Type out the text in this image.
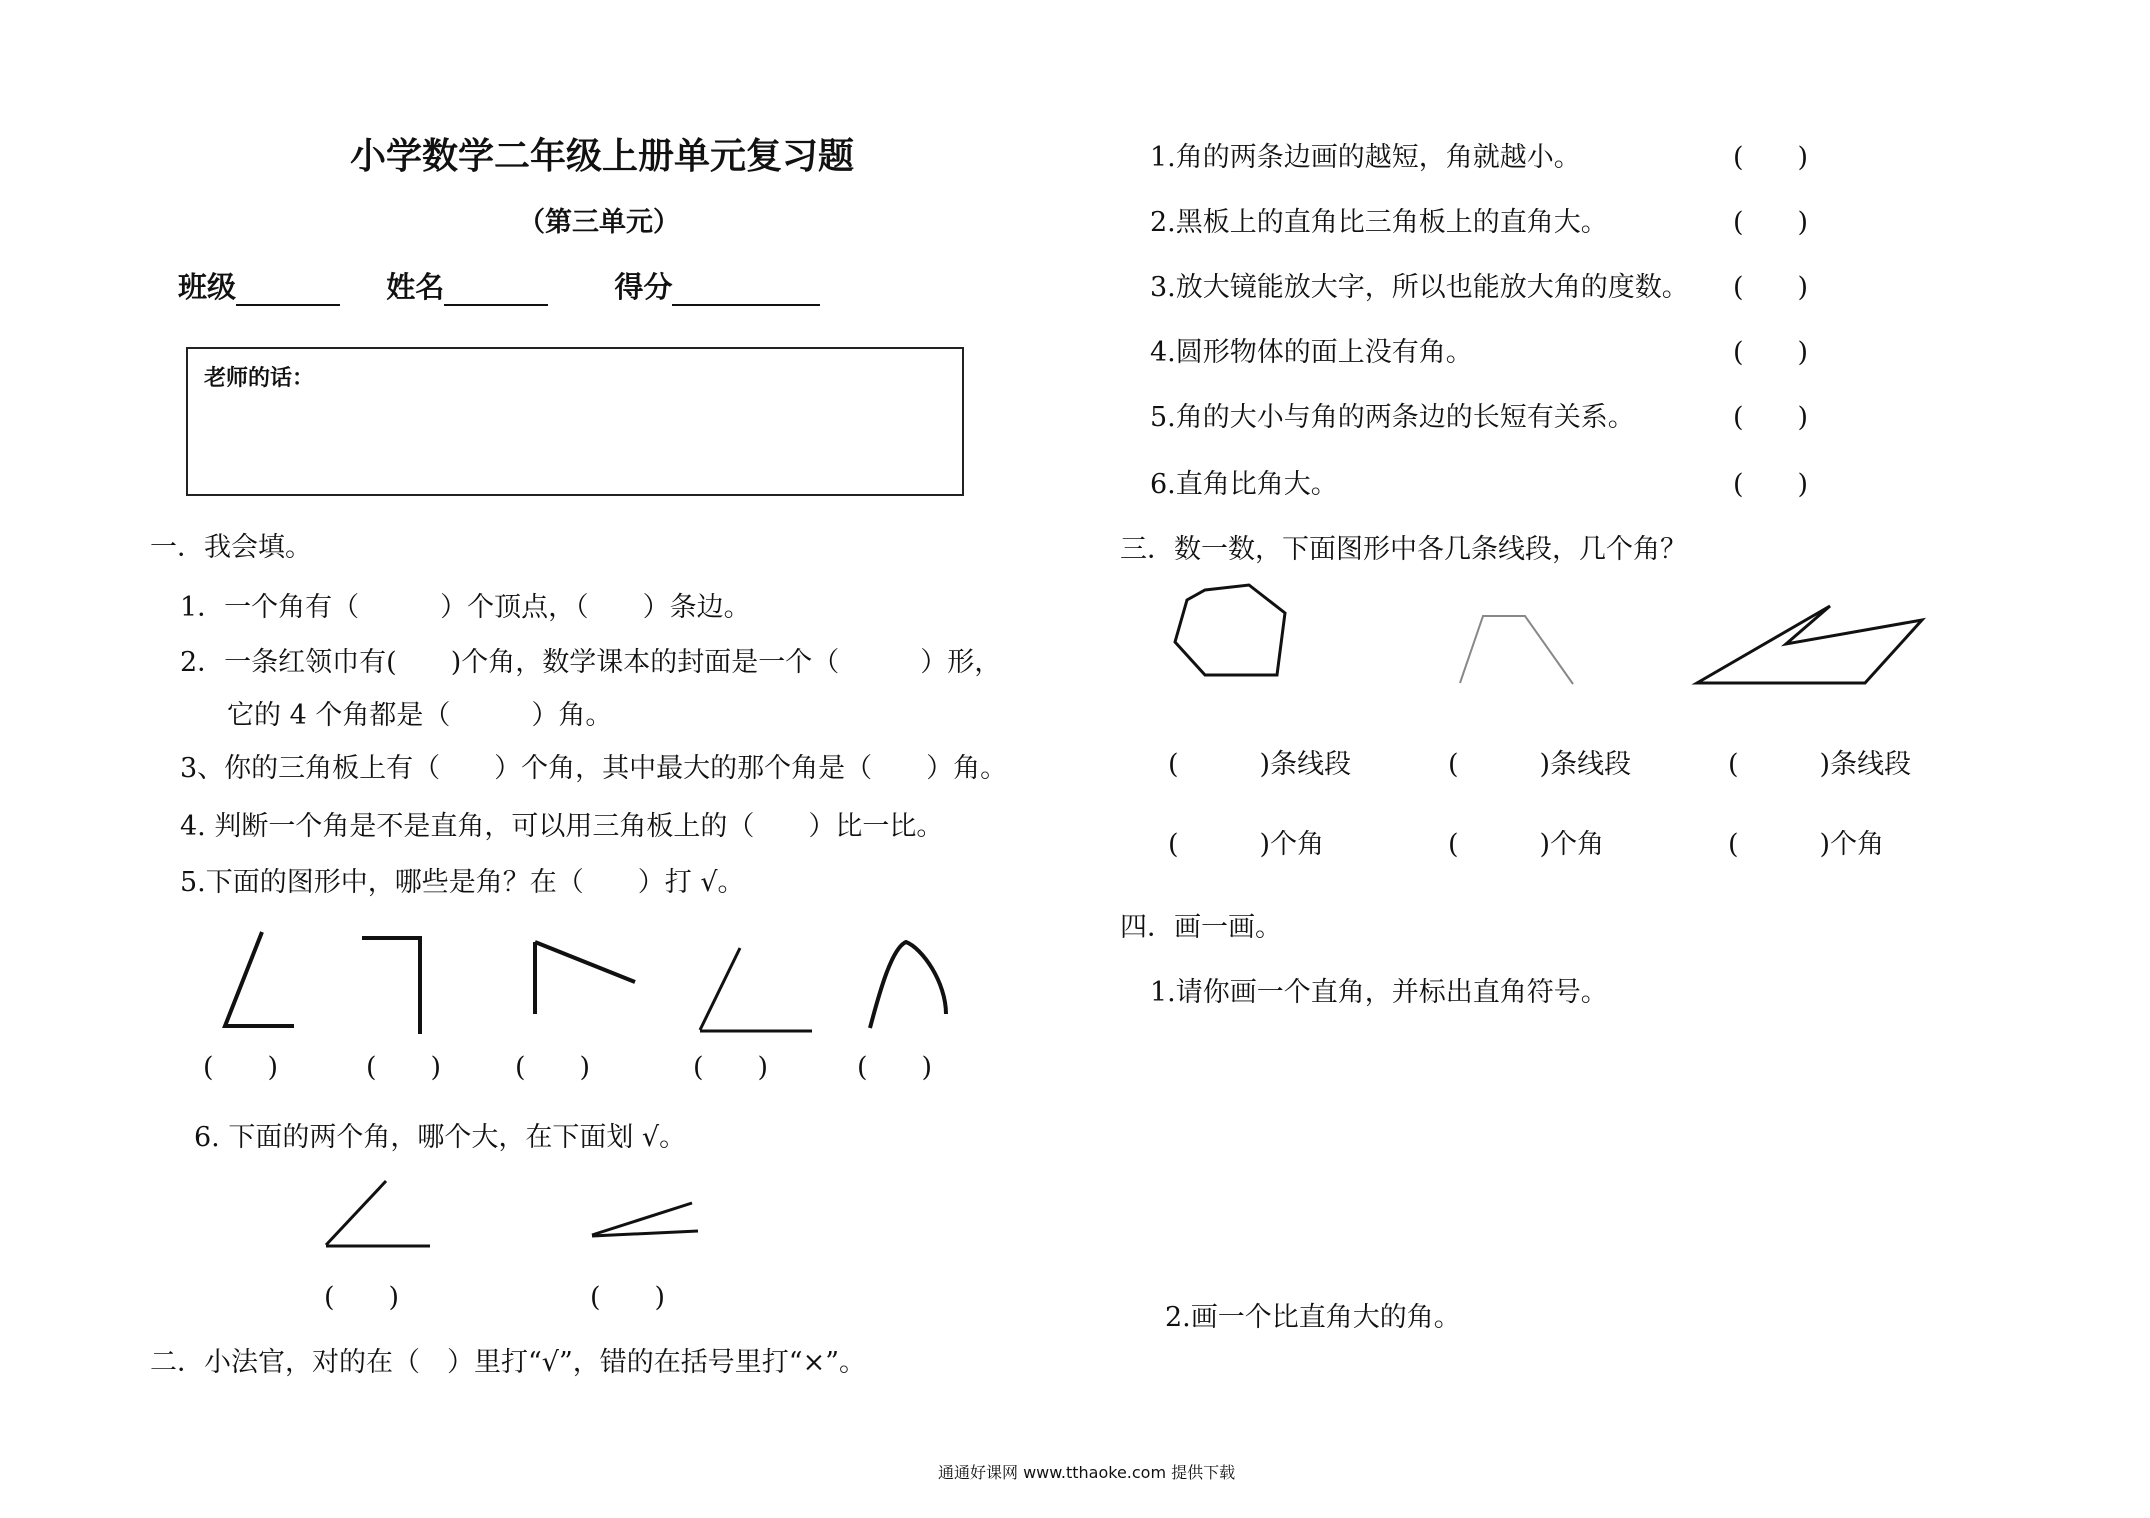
小学数学二年级上册单元复习题
（第三单元）
班级	姓名	得分
老师的话：
一．我会填。
1．一个角有（　　　）个顶点，（　　）条边。
2．一条红领巾有(　　)个角，数学课本的封面是一个（　　　）形，
它的 4 个角都是（　　　）角。
3、你的三角板上有（　　）个角，其中最大的那个角是（　　）角。
4. 判断一个角是不是直角，可以用三角板上的（　　）比一比。
5.下面的图形中，哪些是角？在（　　）打 √。
(　　)	(　　)	(　　)	(　　)	(　　)
6. 下面的两个角，哪个大，在下面划 √。
(　　)	(　　)
二．小法官，对的在（　）里打“√”，错的在括号里打“×”。
1.角的两条边画的越短，角就越小。	(　　)
2.黑板上的直角比三角板上的直角大。	(　　)
3.放大镜能放大字，所以也能放大角的度数。 (　　)
4.圆形物体的面上没有角。	(　　)
5.角的大小与角的两条边的长短有关系。	(　　)
6.直角比角大。	(　　)
三．数一数，下面图形中各几条线段，几个角？
(　　　)条线段	(　　　)条线段	(　　　)条线段
(　　　)个角	(　　　)个角	(　　　)个角
四．画一画。
1.请你画一个直角，并标出直角符号。
2.画一个比直角大的角。
通通好课网 www.tthaoke.com 提供下载
